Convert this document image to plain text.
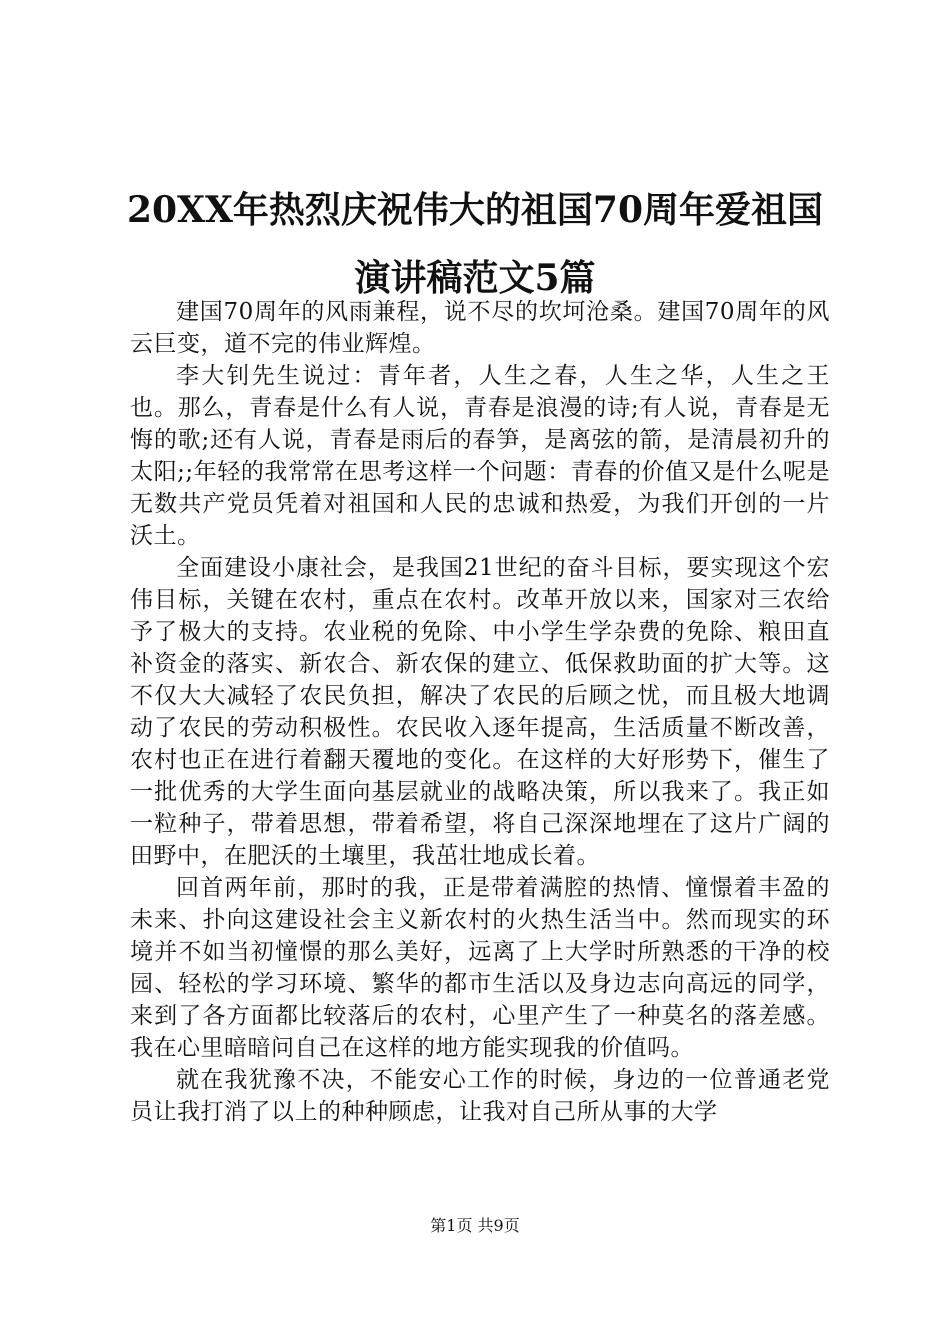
20XX年热烈庆祝伟大的祖国70周年爱祖国演讲稿范文5篇

建国70周年的风雨兼程，说不尽的坎坷沧桑。建国70周年的风云巨变，道不完的伟业辉煌。

李大钊先生说过：青年者，人生之春，人生之华，人生之王也。那么，青春是什么有人说，青春是浪漫的诗;有人说，青春是无悔的歌;还有人说，青春是雨后的春笋，是离弦的箭，是清晨初升的太阳;;年轻的我常常在思考这样一个问题：青春的价值又是什么呢是无数共产党员凭着对祖国和人民的忠诚和热爱，为我们开创的一片沃土。

全面建设小康社会，是我国21世纪的奋斗目标，要实现这个宏伟目标，关键在农村，重点在农村。改革开放以来，国家对三农给予了极大的支持。农业税的免除、中小学生学杂费的免除、粮田直补资金的落实、新农合、新农保的建立、低保救助面的扩大等。这不仅大大减轻了农民负担，解决了农民的后顾之忧，而且极大地调动了农民的劳动积极性。农民收入逐年提高，生活质量不断改善，农村也正在进行着翻天覆地的变化。在这样的大好形势下，催生了一批优秀的大学生面向基层就业的战略决策，所以我来了。我正如一粒种子，带着思想，带着希望，将自己深深地埋在了这片广阔的田野中，在肥沃的土壤里，我茁壮地成长着。

回首两年前，那时的我，正是带着满腔的热情、憧憬着丰盈的未来、扑向这建设社会主义新农村的火热生活当中。然而现实的环境并不如当初憧憬的那么美好，远离了上大学时所熟悉的干净的校园、轻松的学习环境、繁华的都市生活以及身边志向高远的同学，来到了各方面都比较落后的农村，心里产生了一种莫名的落差感。我在心里暗暗问自己在这样的地方能实现我的价值吗。

就在我犹豫不决，不能安心工作的时候，身边的一位普通老党员让我打消了以上的种种顾虑，让我对自己所从事的大学

第1页 共9页
